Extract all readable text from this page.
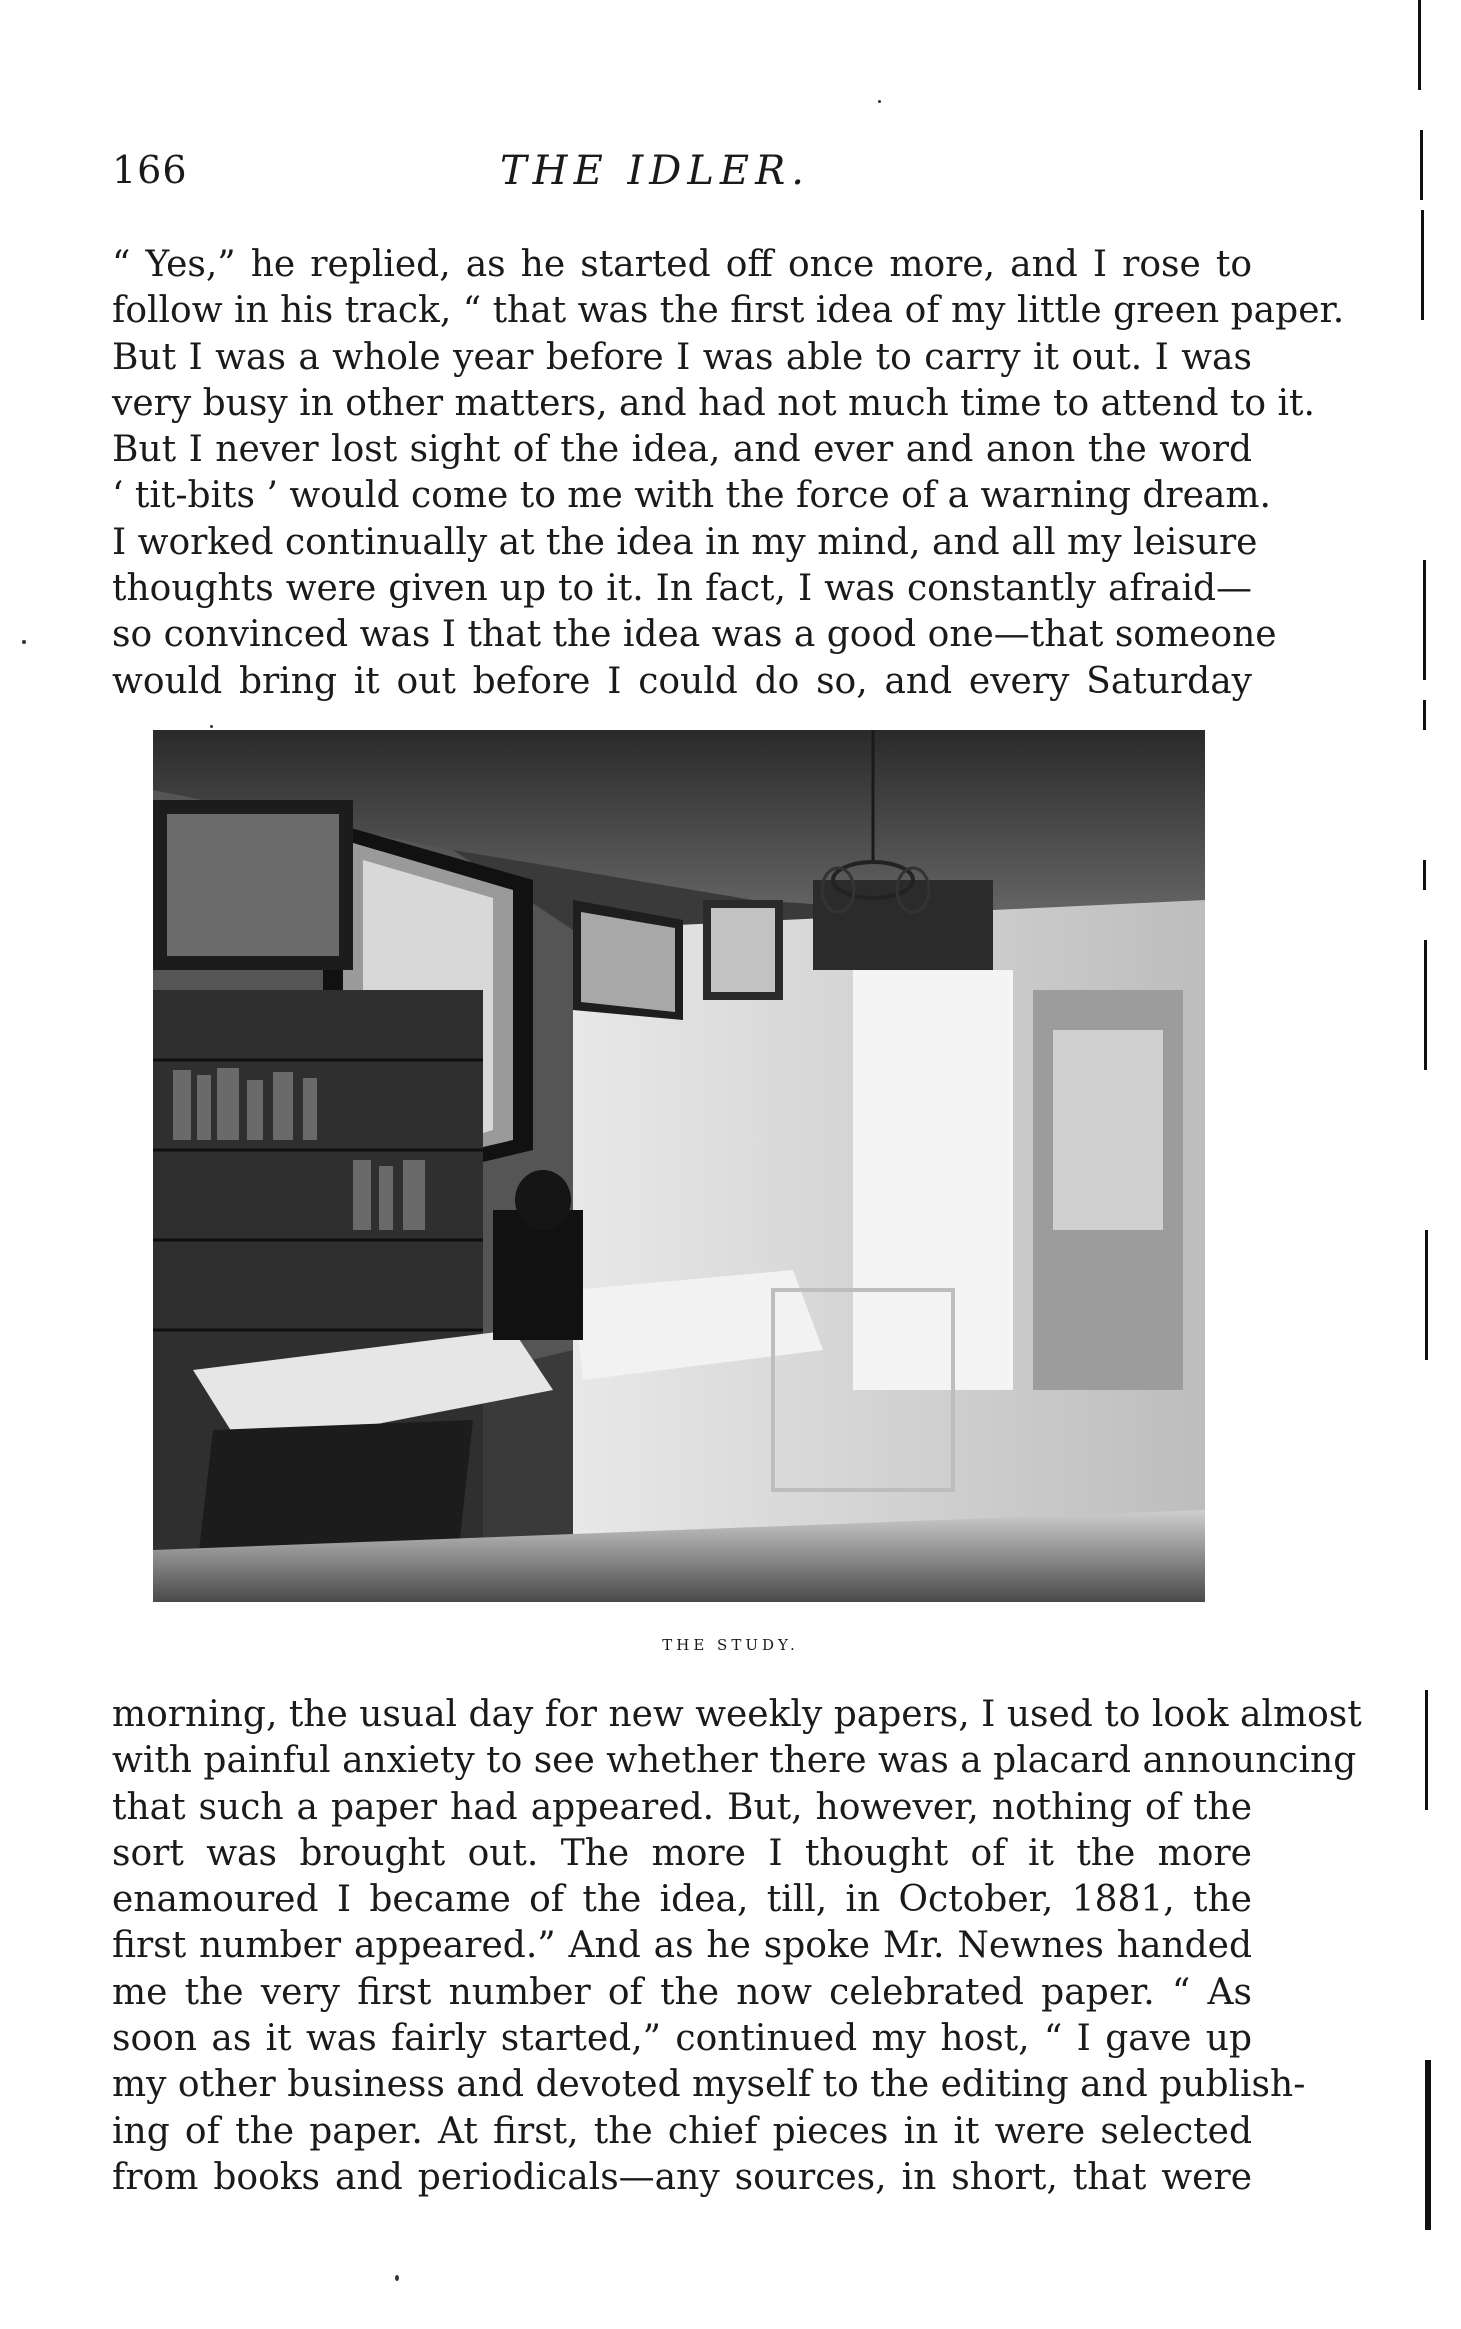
166	THE IDLER.
“ Yes,” he replied, as he started off once more, and I rose to
follow in his track, “ that was the first idea of my little green paper.
But I was a whole year before I was able to carry it out. I was
very busy in other matters, and had not much time to attend to it.
But I never lost sight of the idea, and ever and anon the word
‘ tit-bits ’ would come to me with the force of a warning dream.
I worked continually at the idea in my mind, and all my leisure
thoughts were given up to it. In fact, I was constantly afraid—
so convinced was I that the idea was a good one—that someone
would bring it out before I could do so, and every Saturday
THE STUDY.
morning, the usual day for new weekly papers, I used to look almost
with painful anxiety to see whether there was a placard announcing
that such a paper had appeared. But, however, nothing of the
sort was brought out. The more I thought of it the more
enamoured I became of the idea, till, in October, 1881, the
first number appeared.” And as he spoke Mr. Newnes handed
me the very first number of the now celebrated paper. “ As
soon as it was fairly started,” continued my host, “ I gave up
my other business and devoted myself to the editing and publish-
ing of the paper. At first, the chief pieces in it were selected
from books and periodicals—any sources, in short, that were
